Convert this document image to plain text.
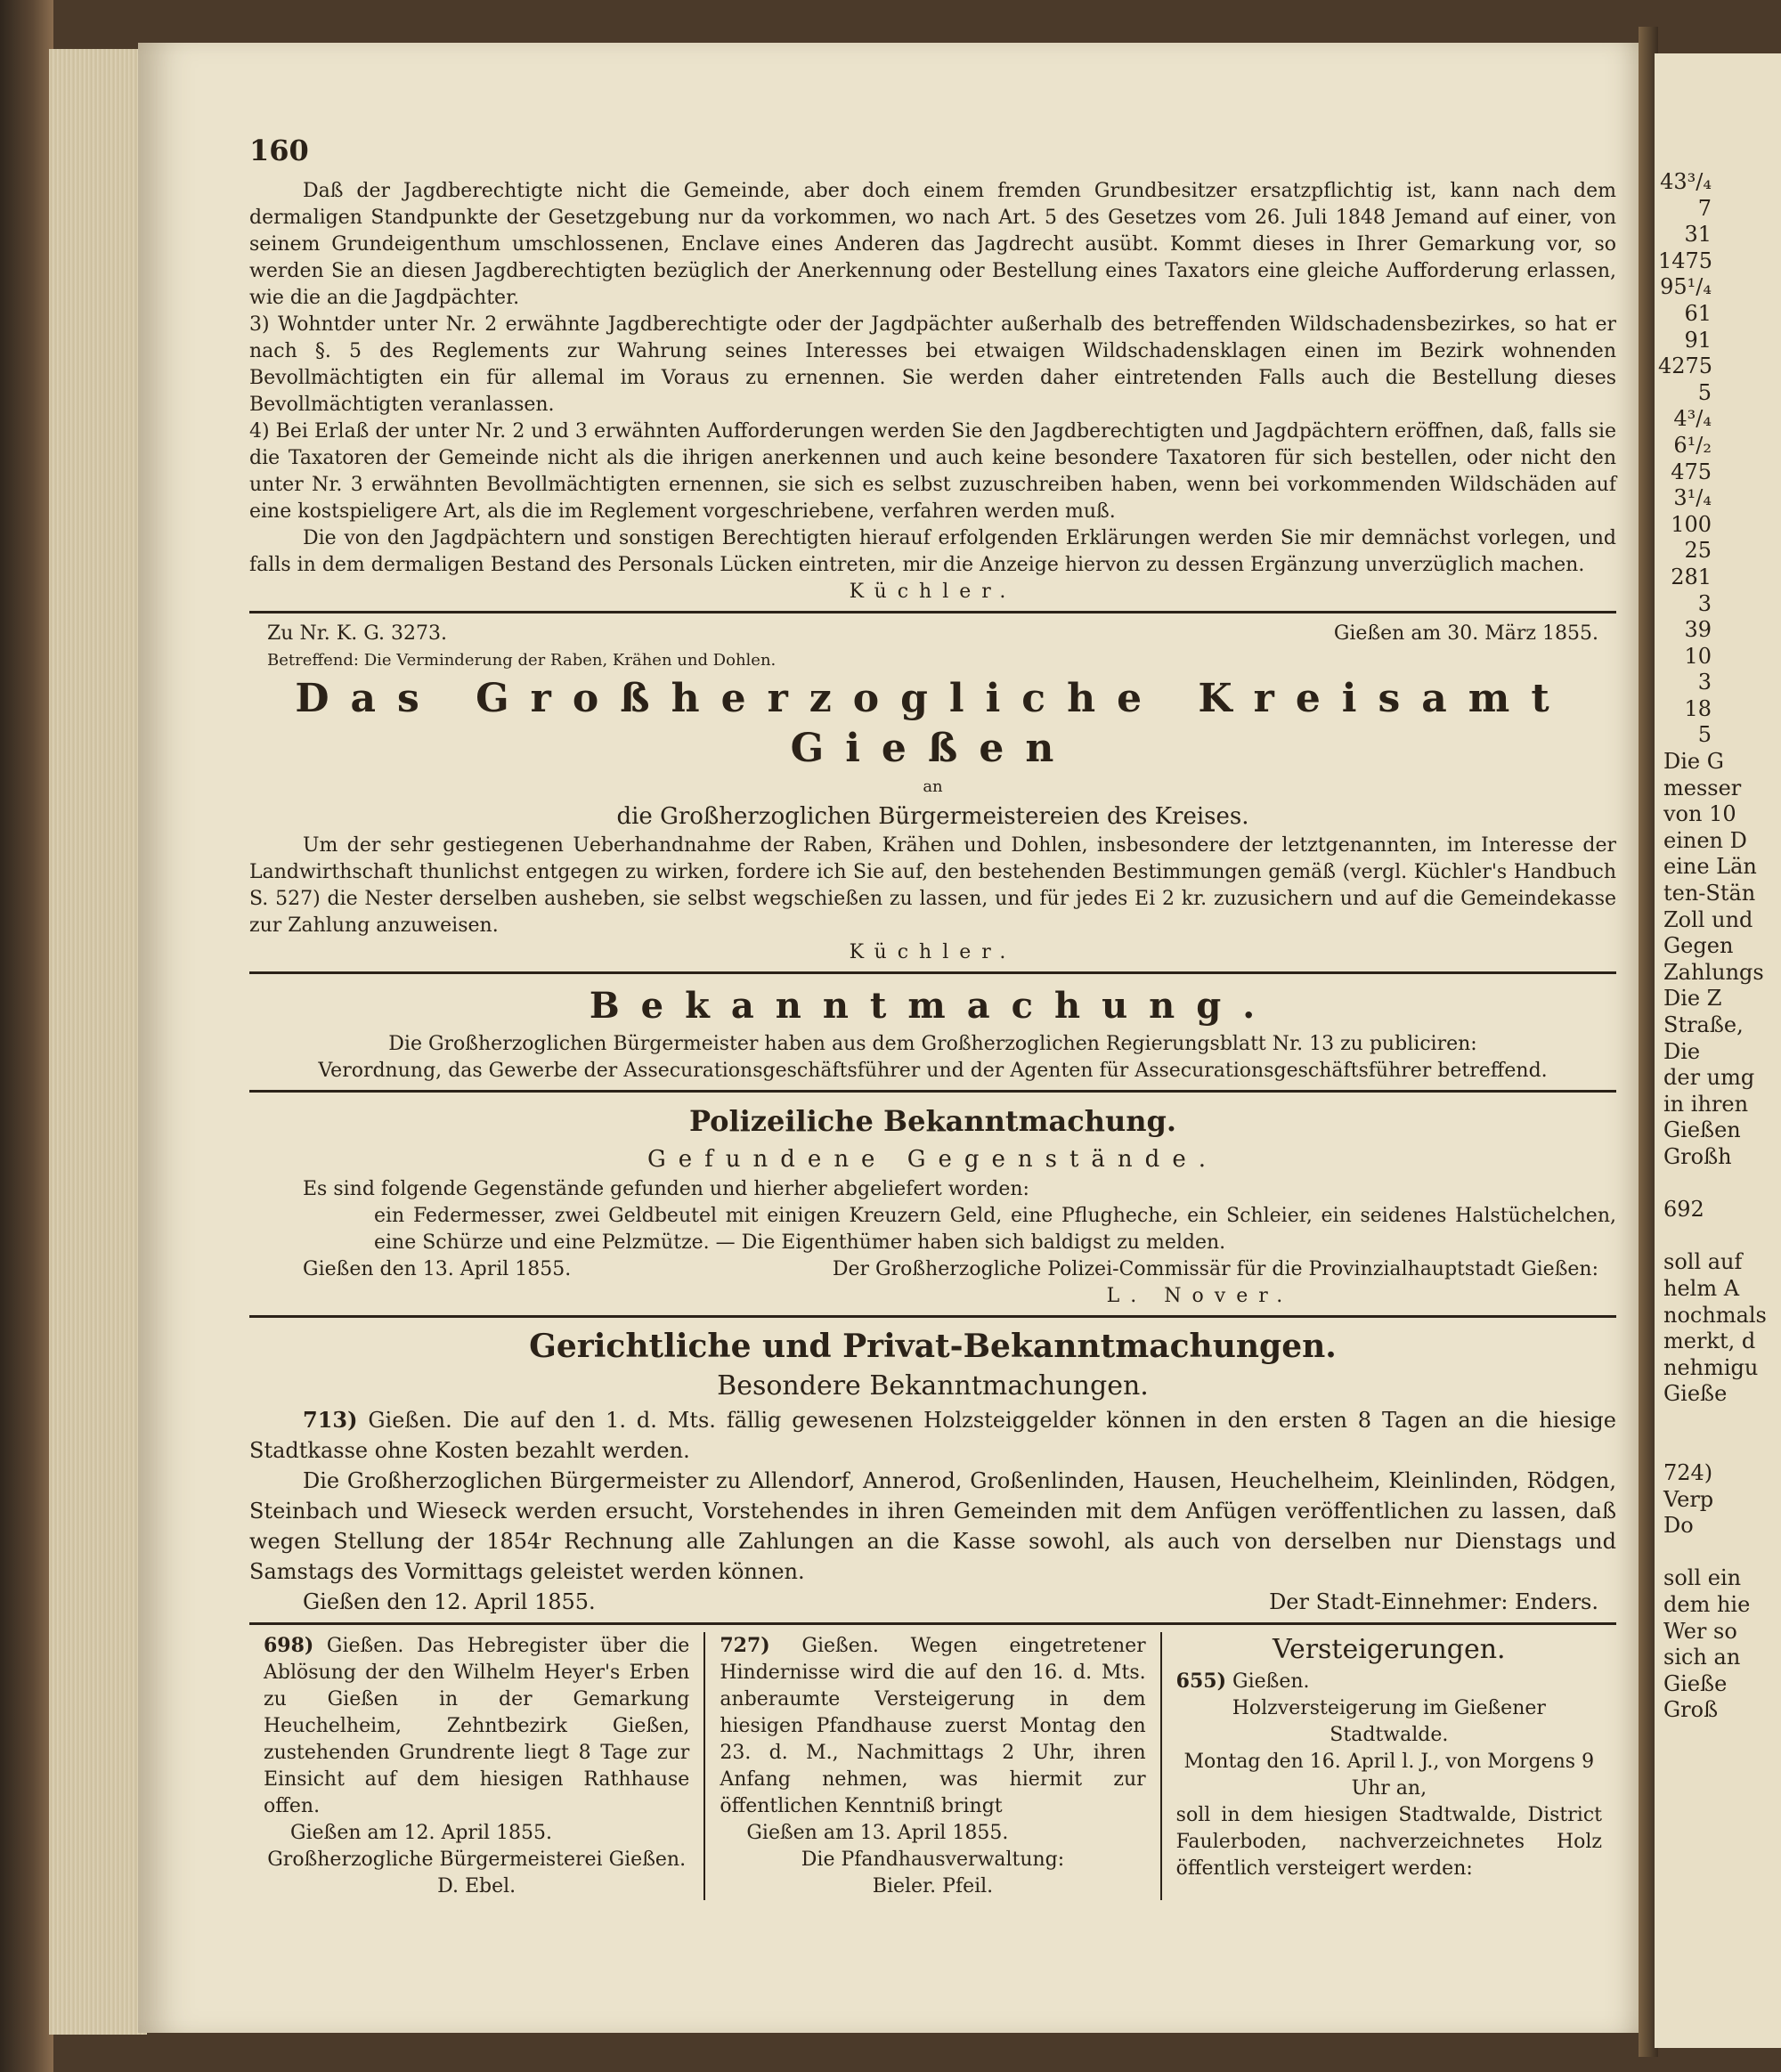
43³/₄
7
31
1475
95¹/₄
61
91
4275
5
4³/₄
6¹/₂
475
3¹/₄
100
25
281
3
39
10
3
18
5
Die G
messer
von 10
einen D
eine Län
ten-Stän
Zoll und
Gegen
Zahlungs
Die Z
Straße,
Die
der umg
in ihren
Gießen
Großh

692

soll auf
helm A
nochmals
merkt, d
nehmigu
Gieße

724)
Verp
Do

soll ein
dem hie
Wer so
sich an
Gieße
Groß
160

Daß der Jagdberechtigte nicht die Gemeinde, aber doch einem fremden Grundbesitzer ersatzpflichtig ist, kann nach dem dermaligen Standpunkte der Gesetzgebung nur da vorkommen, wo nach Art. 5 des Gesetzes vom 26. Juli 1848 Jemand auf einer, von seinem Grundeigenthum umschlossenen, Enclave eines Anderen das Jagdrecht ausübt. Kommt dieses in Ihrer Gemarkung vor, so werden Sie an diesen Jagdberechtigten bezüglich der Anerkennung oder Bestellung eines Taxators eine gleiche Aufforderung erlassen, wie die an die Jagdpächter.

3) Wohntder unter Nr. 2 erwähnte Jagdberechtigte oder der Jagdpächter außerhalb des betreffenden Wildschadensbezirkes, so hat er nach §. 5 des Reglements zur Wahrung seines Interesses bei etwaigen Wildschadensklagen einen im Bezirk wohnenden Bevollmächtigten ein für allemal im Voraus zu ernennen. Sie werden daher eintretenden Falls auch die Bestellung dieses Bevollmächtigten veranlassen.

4) Bei Erlaß der unter Nr. 2 und 3 erwähnten Aufforderungen werden Sie den Jagdberechtigten und Jagdpächtern eröffnen, daß, falls sie die Taxatoren der Gemeinde nicht als die ihrigen anerkennen und auch keine besondere Taxatoren für sich bestellen, oder nicht den unter Nr. 3 erwähnten Bevollmächtigten ernennen, sie sich es selbst zuzuschreiben haben, wenn bei vorkommenden Wildschäden auf eine kostspieligere Art, als die im Reglement vorgeschriebene, verfahren werden muß.

Die von den Jagdpächtern und sonstigen Berechtigten hierauf erfolgenden Erklärungen werden Sie mir demnächst vorlegen, und falls in dem dermaligen Bestand des Personals Lücken eintreten, mir die Anzeige hiervon zu dessen Ergänzung unverzüglich machen.

Küchler.
Zu Nr. K. G. 3273.	Gießen am 30. März 1855.
Betreffend: Die Verminderung der Raben, Krähen und Dohlen.
Das Großherzogliche Kreisamt Gießen
an
die Großherzoglichen Bürgermeistereien des Kreises.

Um der sehr gestiegenen Ueberhandnahme der Raben, Krähen und Dohlen, insbesondere der letztgenannten, im Interesse der Landwirthschaft thunlichst entgegen zu wirken, fordere ich Sie auf, den bestehenden Bestimmungen gemäß (vergl. Küchler's Handbuch S. 527) die Nester derselben ausheben, sie selbst wegschießen zu lassen, und für jedes Ei 2 kr. zuzusichern und auf die Gemeindekasse zur Zahlung anzuweisen.

Küchler.
Bekanntmachung.
Die Großherzoglichen Bürgermeister haben aus dem Großherzoglichen Regierungsblatt Nr. 13 zu publiciren:
Verordnung, das Gewerbe der Assecurationsgeschäftsführer und der Agenten für Assecurationsgeschäftsführer betreffend.
Polizeiliche Bekanntmachung.
Gefundene Gegenstände.
Es sind folgende Gegenstände gefunden und hierher abgeliefert worden:

ein Federmesser, zwei Geldbeutel mit einigen Kreuzern Geld, eine Pflugheche, ein Schleier, ein seidenes Halstüchelchen, eine Schürze und eine Pelzmütze. — Die Eigenthümer haben sich baldigst zu melden.

Gießen den 13. April 1855.	Der Großherzogliche Polizei-Commissär für die Provinzialhauptstadt Gießen:
L. Nover.
Gerichtliche und Privat-Bekanntmachungen.
Besondere Bekanntmachungen.

713) Gießen. Die auf den 1. d. Mts. fällig gewesenen Holzsteiggelder können in den ersten 8 Tagen an die hiesige Stadtkasse ohne Kosten bezahlt werden.

Die Großherzoglichen Bürgermeister zu Allendorf, Annerod, Großenlinden, Hausen, Heuchelheim, Kleinlinden, Rödgen, Steinbach und Wieseck werden ersucht, Vorstehendes in ihren Gemeinden mit dem Anfügen veröffentlichen zu lassen, daß wegen Stellung der 1854r Rechnung alle Zahlungen an die Kasse sowohl, als auch von derselben nur Dienstags und Samstags des Vormittags geleistet werden können.

Gießen den 12. April 1855.	Der Stadt-Einnehmer: Enders.

698) Gießen. Das Hebregister über die Ablösung der den Wilhelm Heyer's Erben zu Gießen in der Gemarkung Heuchelheim, Zehntbezirk Gießen, zustehenden Grundrente liegt 8 Tage zur Einsicht auf dem hiesigen Rathhause offen.

Gießen am 12. April 1855.
Großherzogliche Bürgermeisterei Gießen.
D. Ebel.

727) Gießen. Wegen eingetretener Hindernisse wird die auf den 16. d. Mts. anberaumte Versteigerung in dem hiesigen Pfandhause zuerst Montag den 23. d. M., Nachmittags 2 Uhr, ihren Anfang nehmen, was hiermit zur öffentlichen Kenntniß bringt

Gießen am 13. April 1855.
Die Pfandhausverwaltung:
Bieler. Pfeil.
Versteigerungen.
655) Gießen.
Holzversteigerung im Gießener Stadtwalde.
Montag den 16. April l. J., von Morgens 9 Uhr an,

soll in dem hiesigen Stadtwalde, District Faulerboden, nachverzeichnetes Holz öffentlich versteigert werden:
